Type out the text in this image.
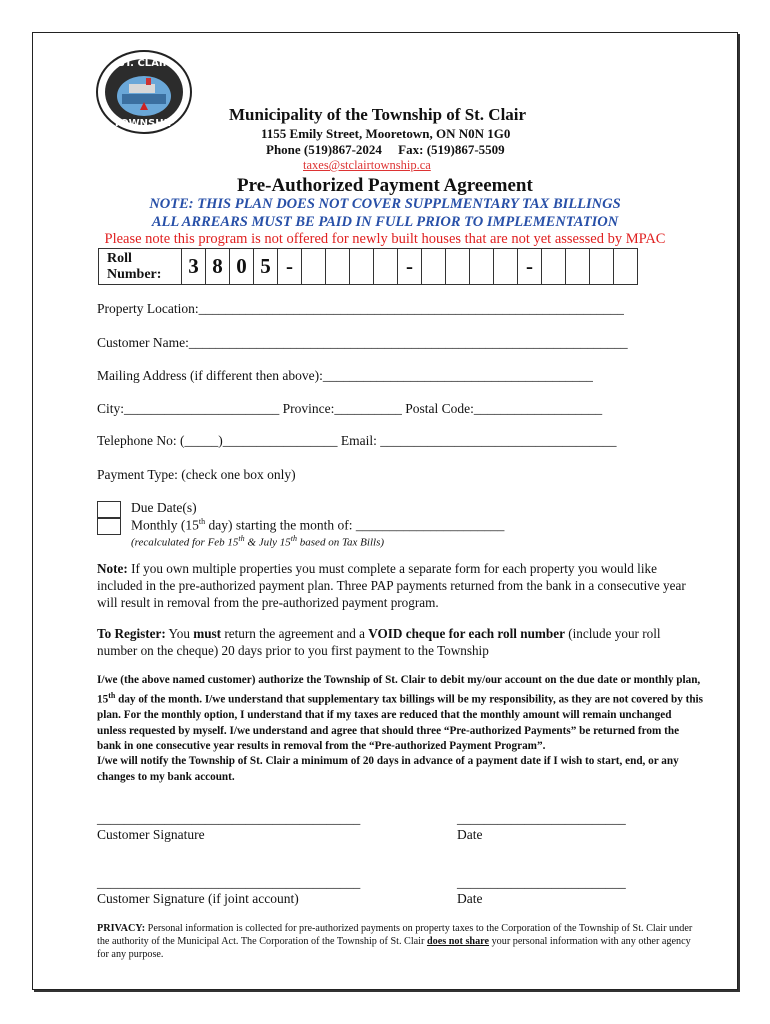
ST. CLAIR
TOWNSHIP	Municipality of the Township of St. Clair
1155 Emily Street, Mooretown, ON N0N 1G0
Phone (519)867-2024 Fax: (519)867-5509
taxes@stclairtownship.ca
Pre-Authorized Payment Agreement
NOTE: THIS PLAN DOES NOT COVER SUPPLMENTARY TAX BILLINGS
ALL ARREARS MUST BE PAID IN FULL PRIOR TO IMPLEMENTATION
Please note this program is not offered for newly built houses that are not yet assessed by MPAC
Roll
Number:	3	8	0	5	-					-					-				
Property Location:_______________________________________________________________
Customer Name:_________________________________________________________________
Mailing Address (if different then above):________________________________________
City:_______________________ Province:__________ Postal Code:___________________
Telephone No: (_____)_________________ Email: ___________________________________
Payment Type: (check one box only)
Due Date(s)
Monthly (15th day) starting the month of: ______________________
(recalculated for Feb 15th & July 15th based on Tax Bills)
Note: If you own multiple properties you must complete a separate form for each property you would like included in the pre-authorized payment plan. Three PAP payments returned from the bank in a consecutive year will result in removal from the pre-authorized payment program.
To Register: You must return the agreement and a VOID cheque for each roll number (include your roll number on the cheque) 20 days prior to you first payment to the Township
I/we (the above named customer) authorize the Township of St. Clair to debit my/our account on the due date or monthly plan, 15th day of the month. I/we understand that supplementary tax billings will be my responsibility, as they are not covered by this plan. For the monthly option, I understand that if my taxes are reduced that the monthly amount will remain unchanged unless requested by myself. I/we understand and agree that should three “Pre-authorized Payments” be returned from the bank in one consecutive year results in removal from the “Pre-authorized Payment Program”.
I/we will notify the Township of St. Clair a minimum of 20 days in advance of a payment date if I wish to start, end, or any changes to my bank account.
_______________________________________	_________________________
Customer Signature	Date
_______________________________________	_________________________
Customer Signature (if joint account)	Date
PRIVACY: Personal information is collected for pre-authorized payments on property taxes to the Corporation of the Township of St. Clair under the authority of the Municipal Act. The Corporation of the Township of St. Clair does not share your personal information with any other agency for any purpose.
